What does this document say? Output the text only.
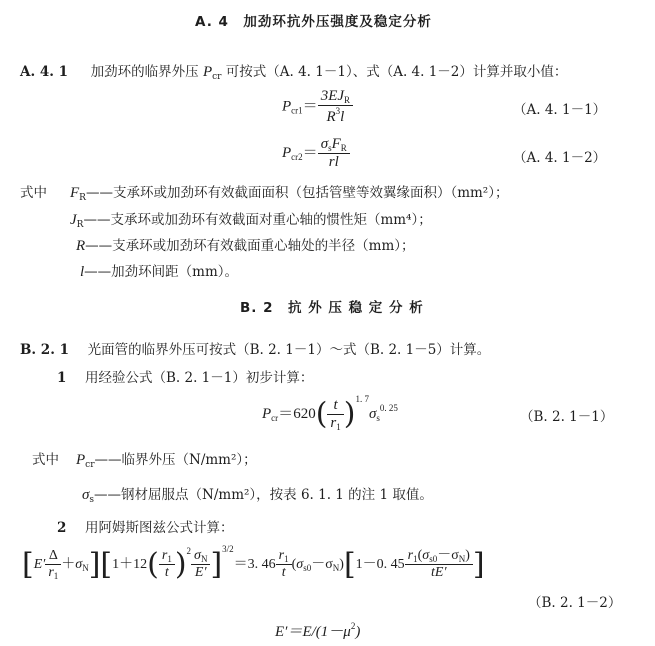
A. 4　加劲环抗外压强度及稳定分析
A. 4. 1 加劲环的临界外压 $P_{cr}$ 可按式（A. 4. 1－1）、式（A. 4. 1－2）计算并取小值：
$P_{cr1}= \frac{3EJ_R}{R^3l}$	（A. 4. 1－1）
$P_{cr2}= \frac{\sigma_sF_R}{rl}$	（A. 4. 1－2）
式中 $F_R——$支承环或加劲环有效截面面积（包括管壁等效翼缘面积）（mm²）；
$J_R——$支承环或加劲环有效截面对重心轴的惯性矩（mm⁴）；
R——支承环或加劲环有效截面重心轴处的半径（mm）；
l——加劲环间距（mm）。
B. 2　抗 外 压 稳 定 分 析
B. 2. 1 光面管的临界外压可按式（B. 2. 1－1）～式（B. 2. 1－5）计算。
1 用经验公式（B. 2. 1－1）初步计算：
$P_{cr}=620( \frac{t}{r_1} )^{1. 7}\sigma_s^{0. 25}$
（B. 2. 1－1）
式中 $P_{cr}——$临界外压（N/mm²）；
$\sigma_s——$钢材屈服点（N/mm²），按表 6. 1. 1 的注 1 取值。
2 用阿姆斯图兹公式计算：
$[E' \frac{\Delta}{r_1} +\sigma_N][1+12( \frac{r_1}{t} )^2 \frac{\sigma_N}{E'} ]^{3/2}=3$. $46 \frac{r_1}{t} (\sigma_{s0}-\sigma_N)[1-0$. $45 \frac{r_1(\sigma_{s0}-\sigma_N)}{tE'}$ ]
（B. 2. 1－2）
$E'=E/(1-\mu^2)$
